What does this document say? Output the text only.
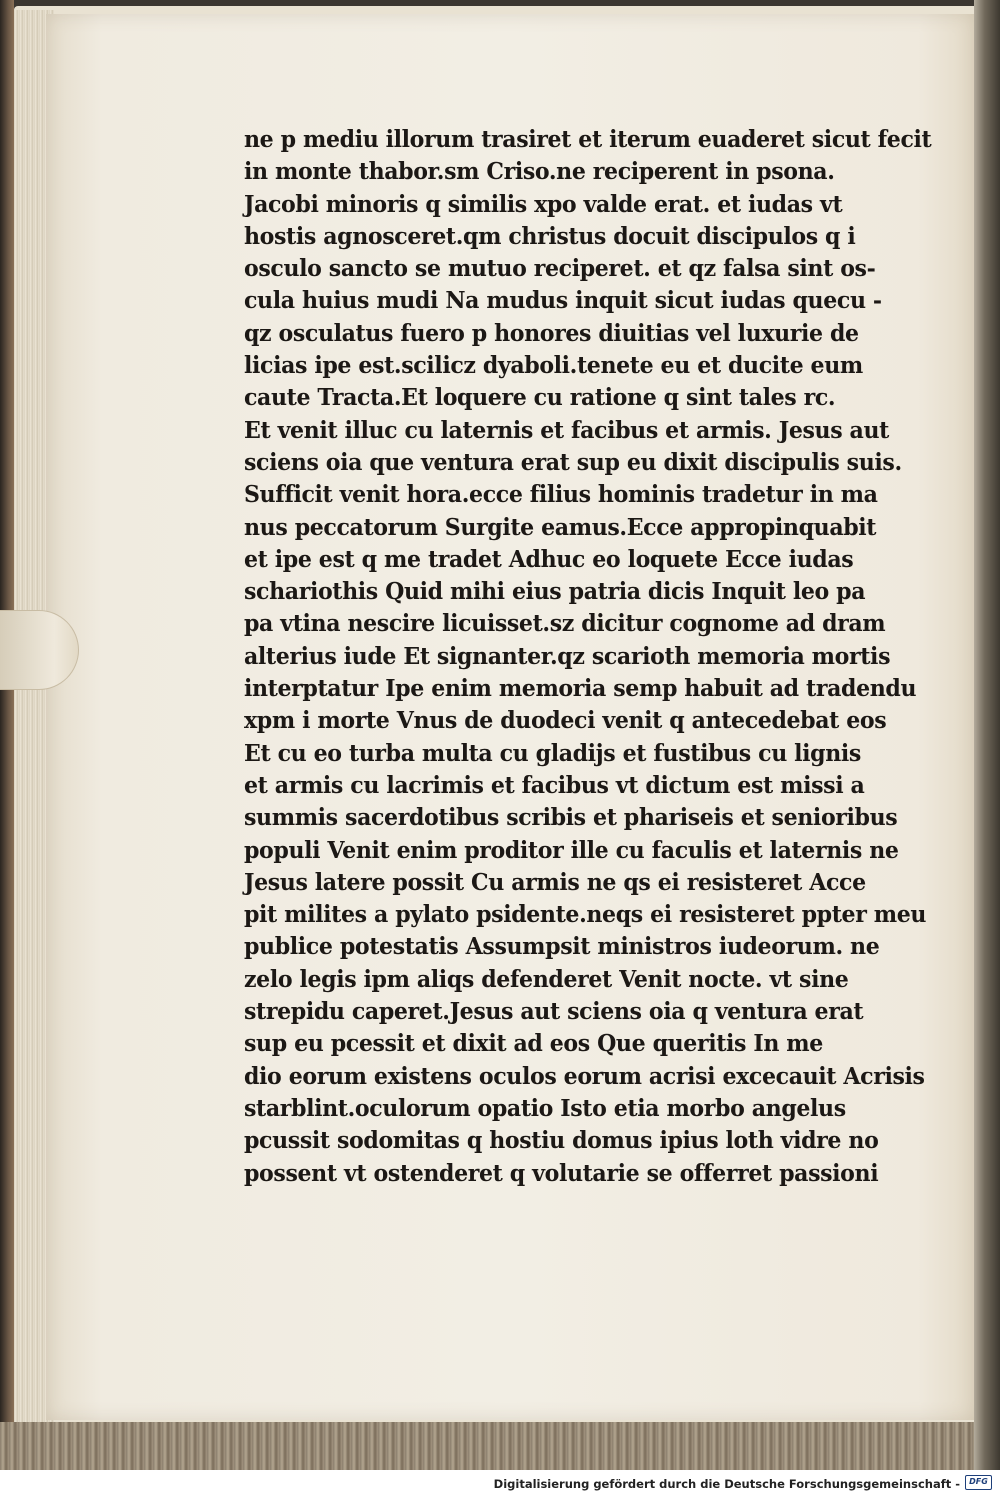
ne p mediu illorum trasiret et iterum euaderet sicut fecit
in monte thabor.sm Criso.ne reciperent in psona.
Jacobi minoris q similis xpo valde erat. et iudas vt
hostis agnosceret.qm christus docuit discipulos q i
osculo sancto se mutuo reciperet. et qz falsa sint os-
cula huius mudi Na mudus inquit sicut iudas quecu -
qz osculatus fuero p honores diuitias vel luxurie de
licias ipe est.scilicz dyaboli.tenete eu et ducite eum
caute Tracta.Et loquere cu ratione q sint tales rc.
Et venit illuc cu laternis et facibus et armis. Jesus aut
sciens oia que ventura erat sup eu dixit discipulis suis.
Sufficit venit hora.ecce filius hominis tradetur in ma
nus peccatorum Surgite eamus.Ecce appropinquabit
et ipe est q me tradet Adhuc eo loquete Ecce iudas
schariothis Quid mihi eius patria dicis Inquit leo pa
pa vtina nescire licuisset.sz dicitur cognome ad dram
alterius iude Et signanter.qz scarioth memoria mortis
interptatur Ipe enim memoria semp habuit ad tradendu
xpm i morte Vnus de duodeci venit q antecedebat eos
Et cu eo turba multa cu gladijs et fustibus cu lignis
et armis cu lacrimis et facibus vt dictum est missi a
summis sacerdotibus scribis et phariseis et senioribus
populi Venit enim proditor ille cu faculis et laternis ne
Jesus latere possit Cu armis ne qs ei resisteret Acce
pit milites a pylato psidente.neqs ei resisteret ppter meu
publice potestatis Assumpsit ministros iudeorum. ne
zelo legis ipm aliqs defenderet Venit nocte. vt sine
strepidu caperet.Jesus aut sciens oia q ventura erat
sup eu pcessit et dixit ad eos Que queritis In me
dio eorum existens oculos eorum acrisi excecauit Acrisis
starblint.oculorum opatio Isto etia morbo angelus
pcussit sodomitas q hostiu domus ipius loth vidre no
possent vt ostenderet q volutarie se offerret passioni
Digitalisierung gefördert durch die Deutsche Forschungsgemeinschaft -	DFG
